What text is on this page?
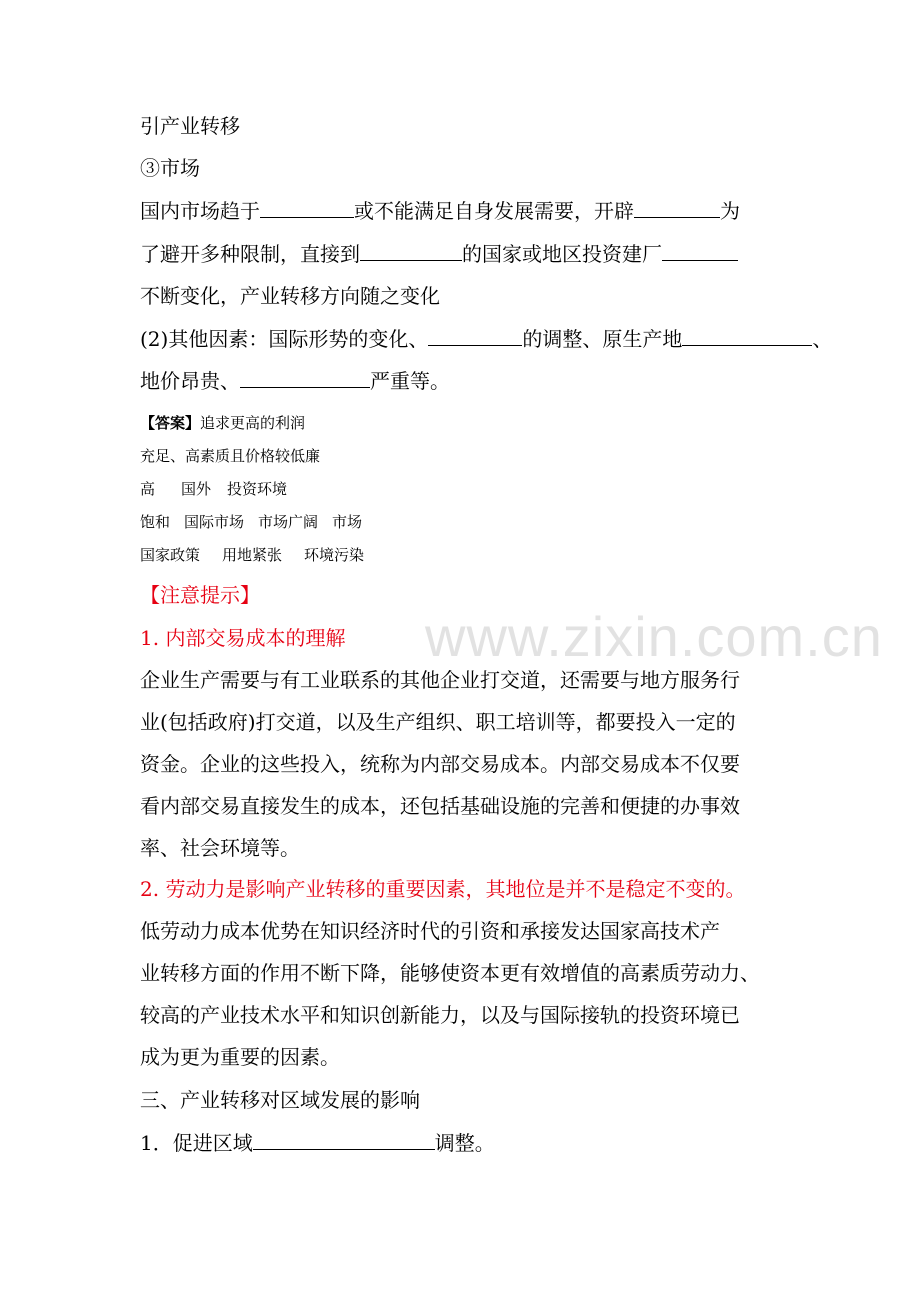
引产业转移
③市场
国内市场趋于	或不能满足自身发展需要，开辟	为
了避开多种限制，直接到	的国家或地区投资建厂
不断变化，产业转移方向随之变化
(2)其他因素：国际形势的变化、	的调整、原生产地	、
地价昂贵、	严重等。
【答案】追求更高的利润
充足、高素质且价格较低廉
高 国外 投资环境
饱和 国际市场 市场广阔 市场
国家政策 用地紧张 环境污染
www.zixin.com.cn
【注意提示】
1. 内部交易成本的理解
企业生产需要与有工业联系的其他企业打交道，还需要与地方服务行
业(包括政府)打交道，以及生产组织、职工培训等，都要投入一定的
资金。企业的这些投入，统称为内部交易成本。内部交易成本不仅要
看内部交易直接发生的成本，还包括基础设施的完善和便捷的办事效
率、社会环境等。
2. 劳动力是影响产业转移的重要因素，其地位是并不是稳定不变的。
低劳动力成本优势在知识经济时代的引资和承接发达国家高技术产
业转移方面的作用不断下降，能够使资本更有效增值的高素质劳动力、
较高的产业技术水平和知识创新能力，以及与国际接轨的投资环境已
成为更为重要的因素。
三、产业转移对区域发展的影响
1．促进区域	调整。
